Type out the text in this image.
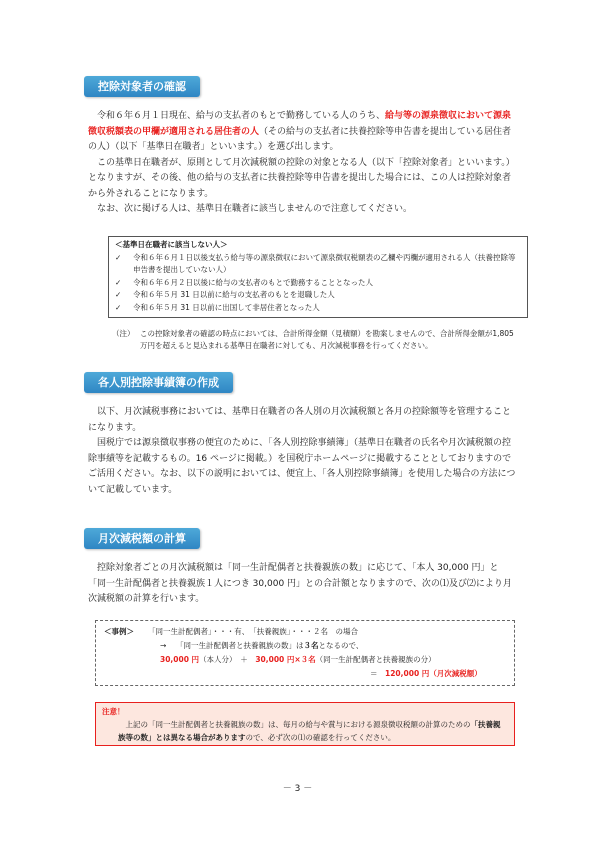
控除対象者の確認

令和６年６月１日現在、給与の支払者のもとで勤務している人のうち、給与等の源泉徴収において源泉徴収税額表の甲欄が適用される居住者の人（その給与の支払者に扶養控除等申告書を提出している居住者の人）（以下「基準日在職者」といいます。）を選び出します。

この基準日在職者が、原則として月次減税額の控除の対象となる人（以下「控除対象者」といいます。）となりますが、その後、他の給与の支払者に扶養控除等申告書を提出した場合には、この人は控除対象者から外されることになります。

なお、次に掲げる人は、基準日在職者に該当しませんので注意してください。

＜基準日在職者に該当しない人＞
✓	令和６年６月１日以後支払う給与等の源泉徴収において源泉徴収税額表の乙欄や丙欄が適用される人（扶養控除等申告書を提出していない人）
✓	令和６年６月２日以後に給与の支払者のもとで勤務することとなった人
✓	令和６年５月 31 日以前に給与の支払者のもとを退職した人
✓	令和６年５月 31 日以前に出国して非居住者となった人
（注） この控除対象者の確認の時点においては、合計所得金額（見積額）を勘案しませんので、合計所得金額が1,805万円を超えると見込まれる基準日在職者に対しても、月次減税事務を行ってください。
各人別控除事績簿の作成

以下、月次減税事務においては、基準日在職者の各人別の月次減税額と各月の控除額等を管理することになります。

国税庁では源泉徴収事務の便宜のために、「各人別控除事績簿」（基準日在職者の氏名や月次減税額の控除事績等を記載するもの。16 ページに掲載。）を国税庁ホームページに掲載することとしておりますのでご活用ください。なお、以下の説明においては、便宜上、「各人別控除事績簿」を使用した場合の方法について記載しています。

月次減税額の計算

控除対象者ごとの月次減税額は「同一生計配偶者と扶養親族の数」に応じて、「本人 30,000 円」と「同一生計配偶者と扶養親族１人につき 30,000 円」との合計額となりますので、次の⑴及び⑵により月次減税額の計算を行います。

＜事例＞ 「同一生計配偶者」・・・有、　「扶養親族」・・・２名　の場合
→ 「同一生計配偶者と扶養親族の数」は３名となるので、
30,000 円（本人分）　＋　30,000 円×３名（同一生計配偶者と扶養親族の分）
＝　 120,000 円（月次減税額）
注意！
上記の「同一生計配偶者と扶養親族の数」は、毎月の給与や賞与における源泉徴収税額の計算のための「扶養親族等の数」とは異なる場合がありますので、必ず次の⑴の確認を行ってください。
－ 3 －
